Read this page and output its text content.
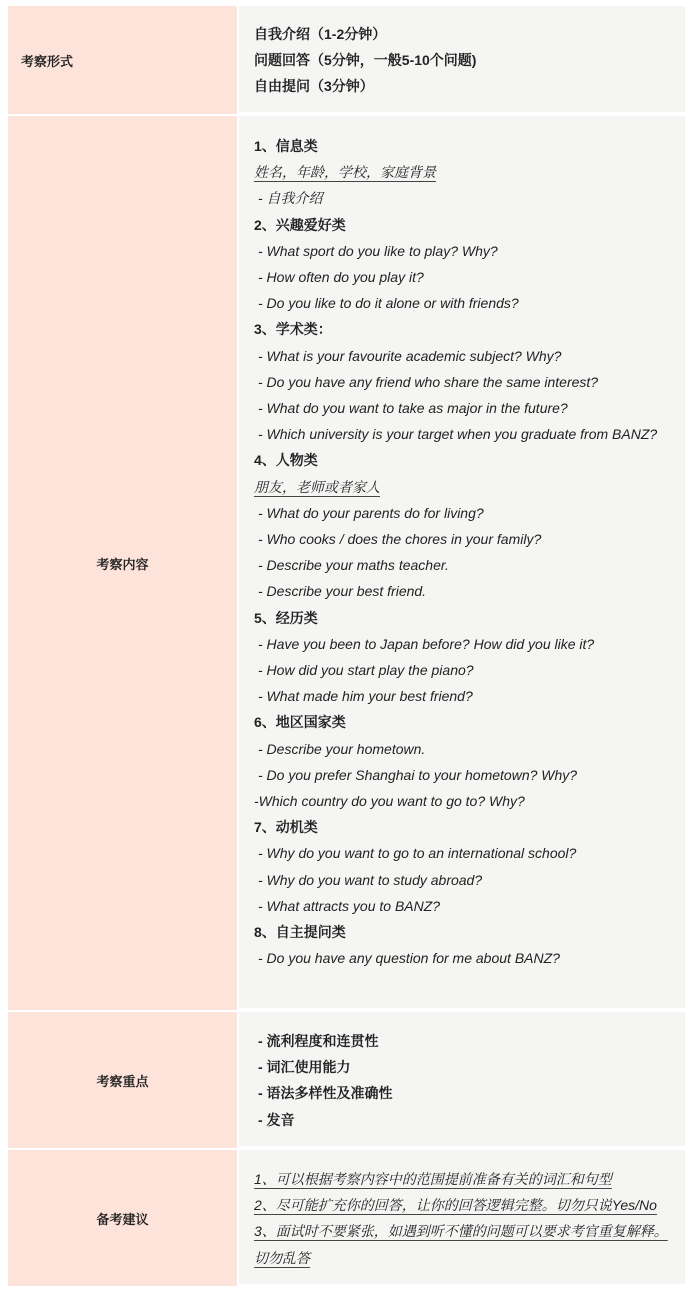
考察形式
自我介绍（1-2分钟）
问题回答（5分钟，一般5-10个问题)
自由提问（3分钟）
考察内容
1、信息类
姓名，年龄，学校，家庭背景
- 自我介绍
2、兴趣爱好类
- What sport do you like to play? Why?
- How often do you play it?
- Do you like to do it alone or with friends?
3、学术类：
- What is your favourite academic subject? Why?
- Do you have any friend who share the same interest?
- What do you want to take as major in the future?
- Which university is your target when you graduate from BANZ?
4、人物类
朋友，老师或者家人
- What do your parents do for living?
- Who cooks / does the chores in your family?
- Describe your maths teacher.
- Describe your best friend.
5、经历类
- Have you been to Japan before? How did you like it?
- How did you start play the piano?
- What made him your best friend?
6、地区国家类
- Describe your hometown.
- Do you prefer Shanghai to your hometown? Why?
-Which country do you want to go to? Why?
7、动机类
- Why do you want to go to an international school?
- Why do you want to study abroad?
- What attracts you to BANZ?
8、自主提问类
- Do you have any question for me about BANZ?
考察重点
- 流利程度和连贯性
- 词汇使用能力
- 语法多样性及准确性
- 发音
备考建议
1、可以根据考察内容中的范围提前准备有关的词汇和句型
2、尽可能扩充你的回答，让你的回答逻辑完整。切勿只说Yes/No
3、面试时不要紧张，如遇到听不懂的问题可以要求考官重复解释。切勿乱答
